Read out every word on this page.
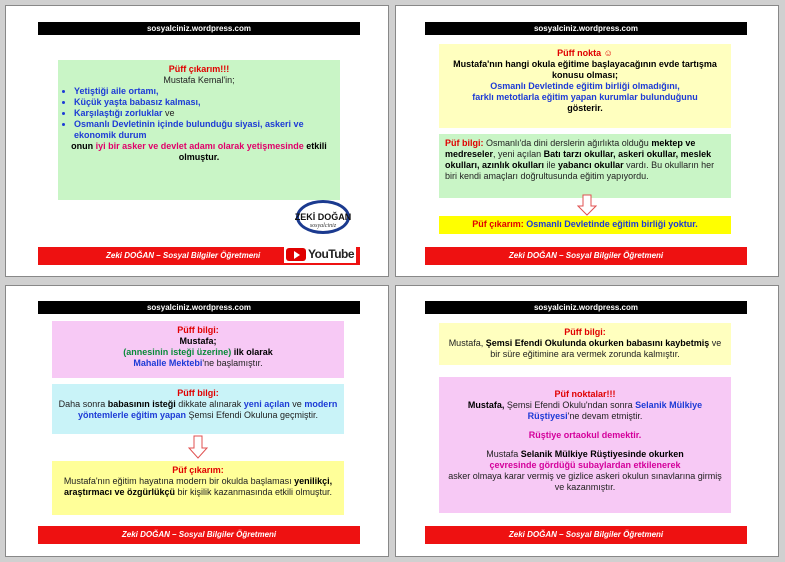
sosyalciniz.wordpress.com
Püff çıkarım!!!
Mustafa Kemal'in;
• Yetiştiği aile ortamı,
• Küçük yaşta babasız kalması,
• Karşılaştığı zorluklar ve
• Osmanlı Devletinin içinde bulunduğu siyasi, askeri ve ekonomik durum
onun iyi bir asker ve devlet adamı olarak yetişmesinde etkili olmuştur.
ZEKİ DOĞAN
sosyalciniz
Zeki DOĞAN – Sosyal Bilgiler Öğretmeni	YouTube
sosyalciniz.wordpress.com
Püff nokta ☺
Mustafa'nın hangi okula eğitime başlayacağının evde tartışma konusu olması;
Osmanlı Devletinde eğitim birliği olmadığını,
farklı metotlarla eğitim yapan kurumlar bulunduğunu
gösterir.
Püf bilgi: Osmanlı'da dini derslerin ağırlıkta olduğu mektep ve medreseler, yeni açılan Batı tarzı okullar, askeri okullar, meslek okulları, azınlık okulları ile yabancı okullar vardı. Bu okulların her biri kendi amaçları doğrultusunda eğitim yapıyordu.
Püf çıkarım: Osmanlı Devletinde eğitim birliği yoktur.
Zeki DOĞAN – Sosyal Bilgiler Öğretmeni
sosyalciniz.wordpress.com
Püff bilgi:
Mustafa;
(annesinin isteği üzerine) ilk olarak
Mahalle Mektebi'ne başlamıştır.
Püff bilgi:
Daha sonra babasının isteği dikkate alınarak yeni açılan ve modern yöntemlerle eğitim yapan Şemsi Efendi Okuluna geçmiştir.
Püf çıkarım:
Mustafa'nın eğitim hayatına modern bir okulda başlaması yenilikçi, araştırmacı ve özgürlükçü bir kişilik kazanmasında etkili olmuştur.
Zeki DOĞAN – Sosyal Bilgiler Öğretmeni
sosyalciniz.wordpress.com
Püff bilgi:
Mustafa, Şemsi Efendi Okulunda okurken babasını kaybetmiş ve bir süre eğitimine ara vermek zorunda kalmıştır.
Püf noktalar!!!
Mustafa, Şemsi Efendi Okulu'ndan sonra Selanik Mülkiye Rüştiyesi'ne devam etmiştir.
Rüştiye ortaokul demektir.
Mustafa Selanik Mülkiye Rüştiyesinde okurken
çevresinde gördüğü subaylardan etkilenerek
asker olmaya karar vermiş ve gizlice askeri okulun sınavlarına girmiş ve kazanmıştır.
Zeki DOĞAN – Sosyal Bilgiler Öğretmeni
